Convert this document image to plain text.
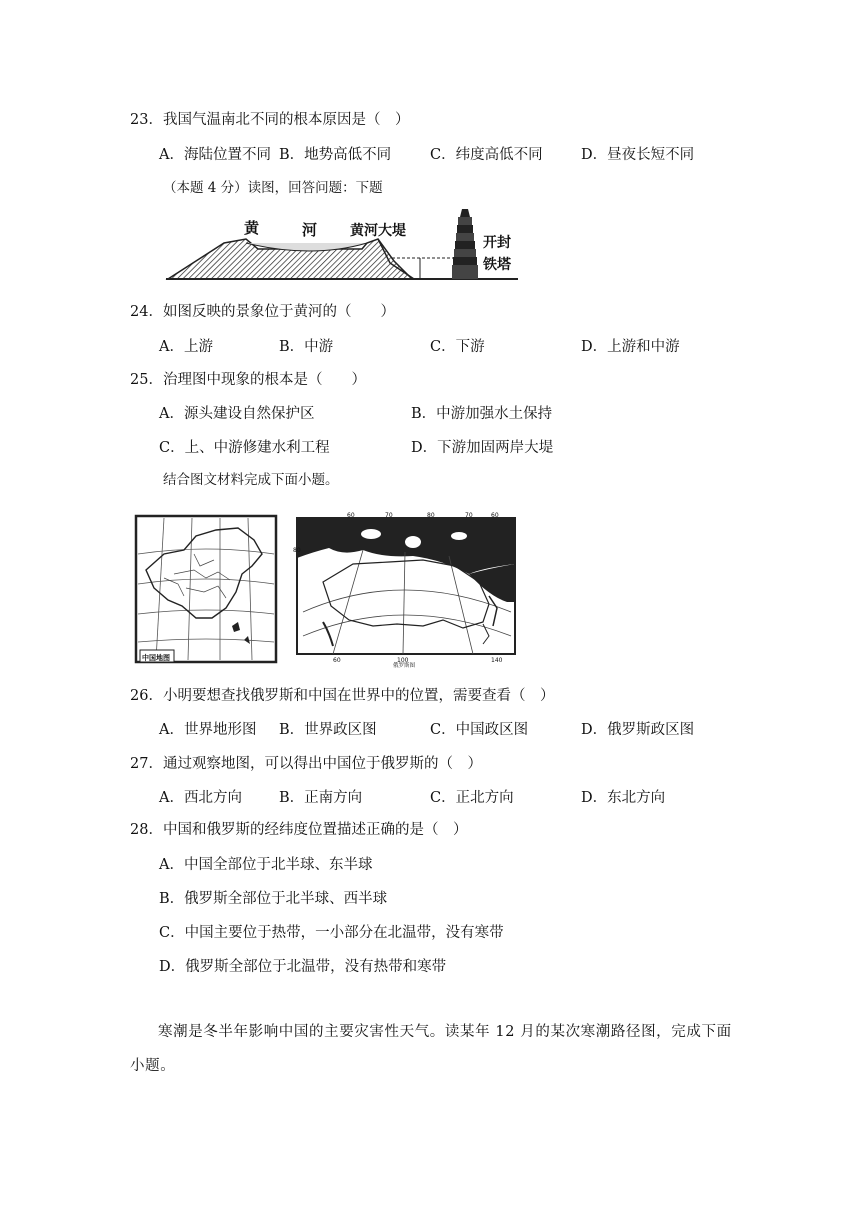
23．我国气温南北不同的根本原因是（　）
A．海陆位置不同 B．地势高低不同	C．纬度高低不同	D．昼夜长短不同
（本题 4 分）读图，回答问题：下题
黄	河 黄河大堤
开封
铁塔
24．如图反映的景象位于黄河的（　　）
A．上游	B．中游	C．下游	D．上游和中游
25．治理图中现象的根本是（　　）
A．源头建设自然保护区	B．中游加强水土保持
C．上、中游修建水利工程	D．下游加固两岸大堤
结合图文材料完成下面小题。
中国地图
60	70	80	70	60
80
60	100	140
俄罗斯图
26．小明要想查找俄罗斯和中国在世界中的位置，需要查看（　）
A．世界地形图 B．世界政区图	C．中国政区图	D．俄罗斯政区图
27．通过观察地图，可以得出中国位于俄罗斯的（　）
A．西北方向	B．正南方向	C．正北方向	D．东北方向
28．中国和俄罗斯的经纬度位置描述正确的是（　）
A．中国全部位于北半球、东半球
B．俄罗斯全部位于北半球、西半球
C．中国主要位于热带，一小部分在北温带，没有寒带
D．俄罗斯全部位于北温带，没有热带和寒带
寒潮是冬半年影响中国的主要灾害性天气。读某年 12 月的某次寒潮路径图，完成下面小题。
